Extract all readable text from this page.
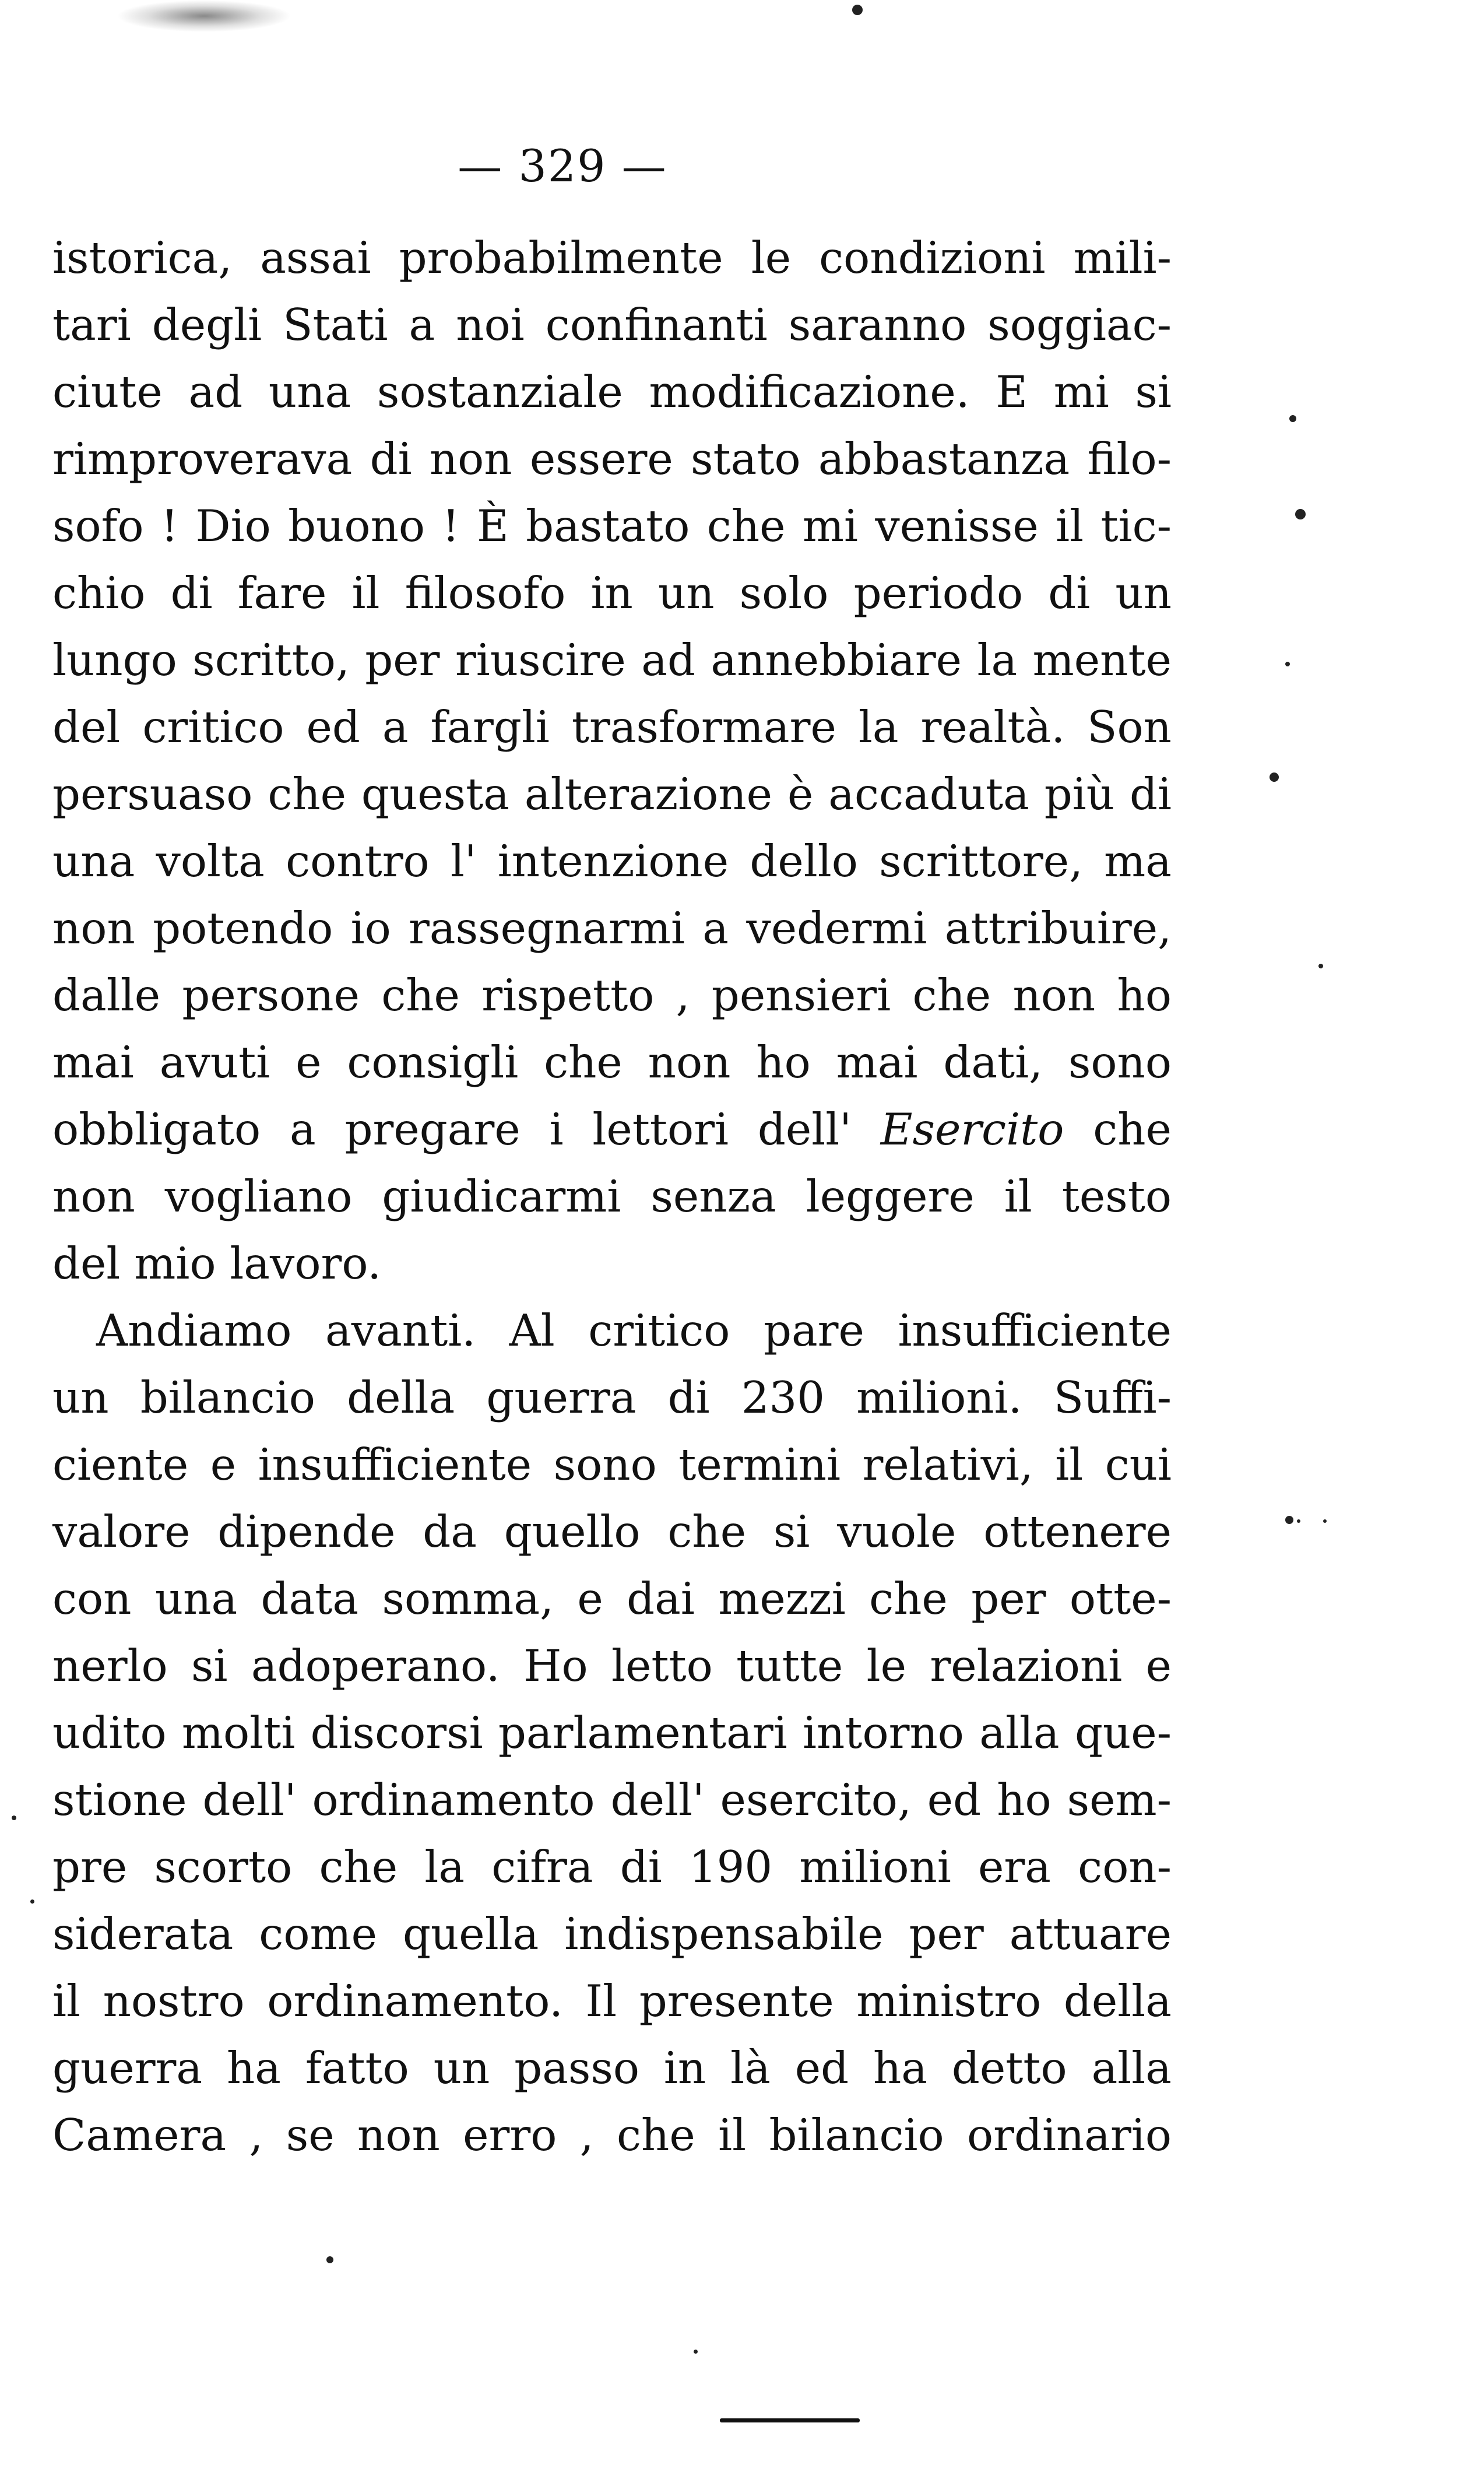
— 329 —
istorica, assai probabilmente le condizioni mili-
tari degli Stati a noi confinanti saranno soggiac-
ciute ad una sostanziale modificazione. E mi si
rimproverava di non essere stato abbastanza filo-
sofo ! Dio buono ! È bastato che mi venisse il tic-
chio di fare il filosofo in un solo periodo di un
lungo scritto, per riuscire ad annebbiare la mente
del critico ed a fargli trasformare la realtà. Son
persuaso che questa alterazione è accaduta più di
una volta contro l' intenzione dello scrittore, ma
non potendo io rassegnarmi a vedermi attribuire,
dalle persone che rispetto , pensieri che non ho
mai avuti e consigli che non ho mai dati, sono
obbligato a pregare i lettori dell' Esercito che
non vogliano giudicarmi senza leggere il testo
del mio lavoro.
Andiamo avanti. Al critico pare insufficiente
un bilancio della guerra di 230 milioni. Suffi-
ciente e insufficiente sono termini relativi, il cui
valore dipende da quello che si vuole ottenere
con una data somma, e dai mezzi che per otte-
nerlo si adoperano. Ho letto tutte le relazioni e
udito molti discorsi parlamentari intorno alla que-
stione dell' ordinamento dell' esercito, ed ho sem-
pre scorto che la cifra di 190 milioni era con-
siderata come quella indispensabile per attuare
il nostro ordinamento. Il presente ministro della
guerra ha fatto un passo in là ed ha detto alla
Camera , se non erro , che il bilancio ordinario
